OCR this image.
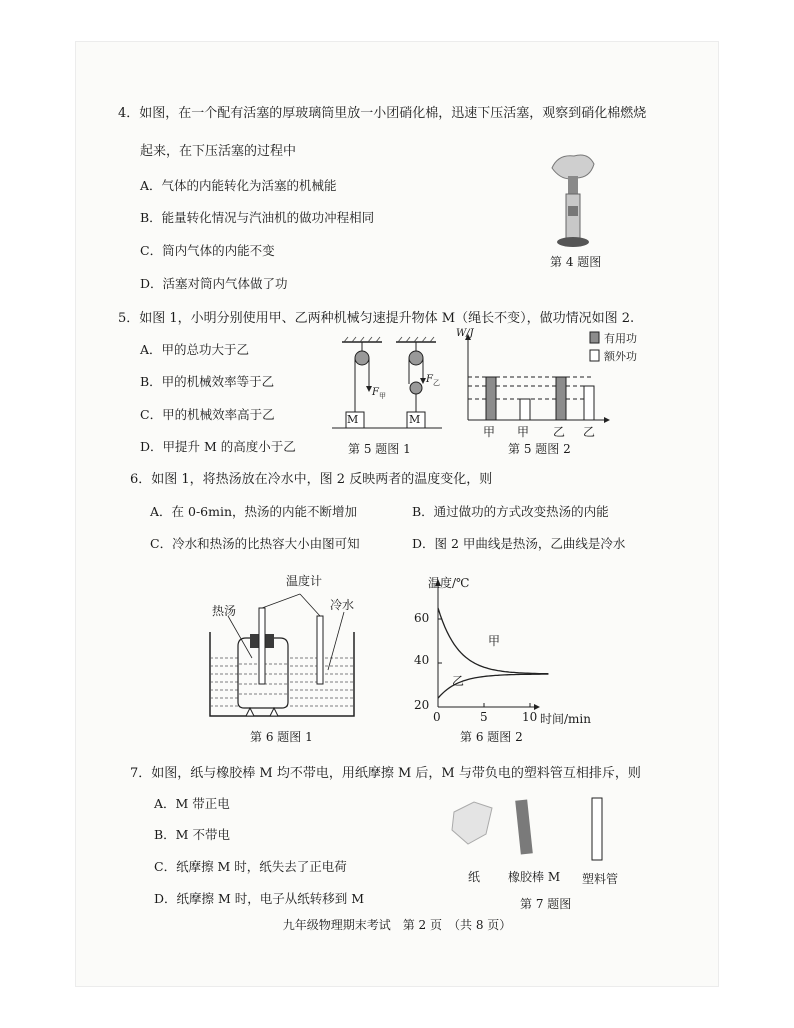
4．如图，在一个配有活塞的厚玻璃筒里放一小团硝化棉，迅速下压活塞，观察到硝化棉燃烧
起来，在下压活塞的过程中
A．气体的内能转化为活塞的机械能
B．能量转化情况与汽油机的做功冲程相同
C．筒内气体的内能不变
D．活塞对筒内气体做了功
第 4 题图
5．如图 1，小明分别使用甲、乙两种机械匀速提升物体 M（绳长不变），做功情况如图 2.
A．甲的总功大于乙
B．甲的机械效率等于乙
C．甲的机械效率高于乙
D．甲提升 M 的高度小于乙
M	M
$F_甲$
$F_乙$
第 5 题图 1
W/J	有用功
额外功
甲 甲 乙 乙
第 5 题图 2
6．如图 1，将热汤放在冷水中，图 2 反映两者的温度变化，则
A．在 0-6min，热汤的内能不断增加	B．通过做功的方式改变热汤的内能
C．冷水和热汤的比热容大小由图可知	D．图 2 甲曲线是热汤，乙曲线是冷水
温度计
热汤	冷水
第 6 题图 1
温度/℃
时间/min
60
40
20
0	5	10
甲
乙
第 6 题图 2
7．如图，纸与橡胶棒 M 均不带电，用纸摩擦 M 后，M 与带负电的塑料管互相排斥，则
A．M 带正电
B．M 不带电
C．纸摩擦 M 时，纸失去了正电荷
D．纸摩擦 M 时，电子从纸转移到 M
纸 橡胶棒 M 塑料管
第 7 题图
九年级物理期末考试　第 2 页　（共 8 页）
